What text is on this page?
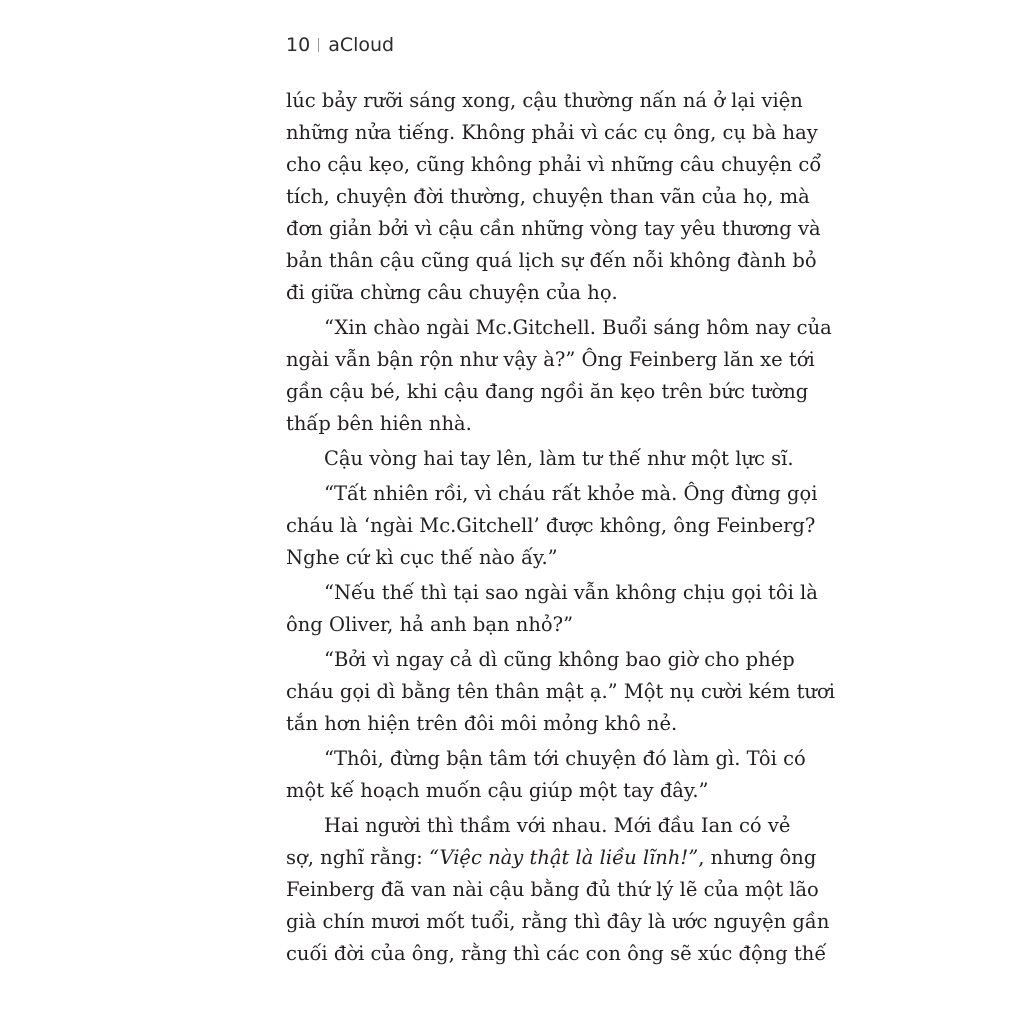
10 aCloud
lúc bảy rưỡi sáng xong, cậu thường nấn ná ở lại viện
những nửa tiếng. Không phải vì các cụ ông, cụ bà hay
cho cậu kẹo, cũng không phải vì những câu chuyện cổ
tích, chuyện đời thường, chuyện than vãn của họ, mà
đơn giản bởi vì cậu cần những vòng tay yêu thương và
bản thân cậu cũng quá lịch sự đến nỗi không đành bỏ
đi giữa chừng câu chuyện của họ.
“Xin chào ngài Mc.Gitchell. Buổi sáng hôm nay của
ngài vẫn bận rộn như vậy à?” Ông Feinberg lăn xe tới
gần cậu bé, khi cậu đang ngồi ăn kẹo trên bức tường
thấp bên hiên nhà.
Cậu vòng hai tay lên, làm tư thế như một lực sĩ.
“Tất nhiên rồi, vì cháu rất khỏe mà. Ông đừng gọi
cháu là ‘ngài Mc.Gitchell’ được không, ông Feinberg?
Nghe cứ kì cục thế nào ấy.”
“Nếu thế thì tại sao ngài vẫn không chịu gọi tôi là
ông Oliver, hả anh bạn nhỏ?”
“Bởi vì ngay cả dì cũng không bao giờ cho phép
cháu gọi dì bằng tên thân mật ạ.” Một nụ cười kém tươi
tắn hơn hiện trên đôi môi mỏng khô nẻ.
“Thôi, đừng bận tâm tới chuyện đó làm gì. Tôi có
một kế hoạch muốn cậu giúp một tay đây.”
Hai người thì thầm với nhau. Mới đầu Ian có vẻ
sợ, nghĩ rằng: “Việc này thật là liều lĩnh!”, nhưng ông
Feinberg đã van nài cậu bằng đủ thứ lý lẽ của một lão
già chín mươi mốt tuổi, rằng thì đây là ước nguyện gần
cuối đời của ông, rằng thì các con ông sẽ xúc động thế
